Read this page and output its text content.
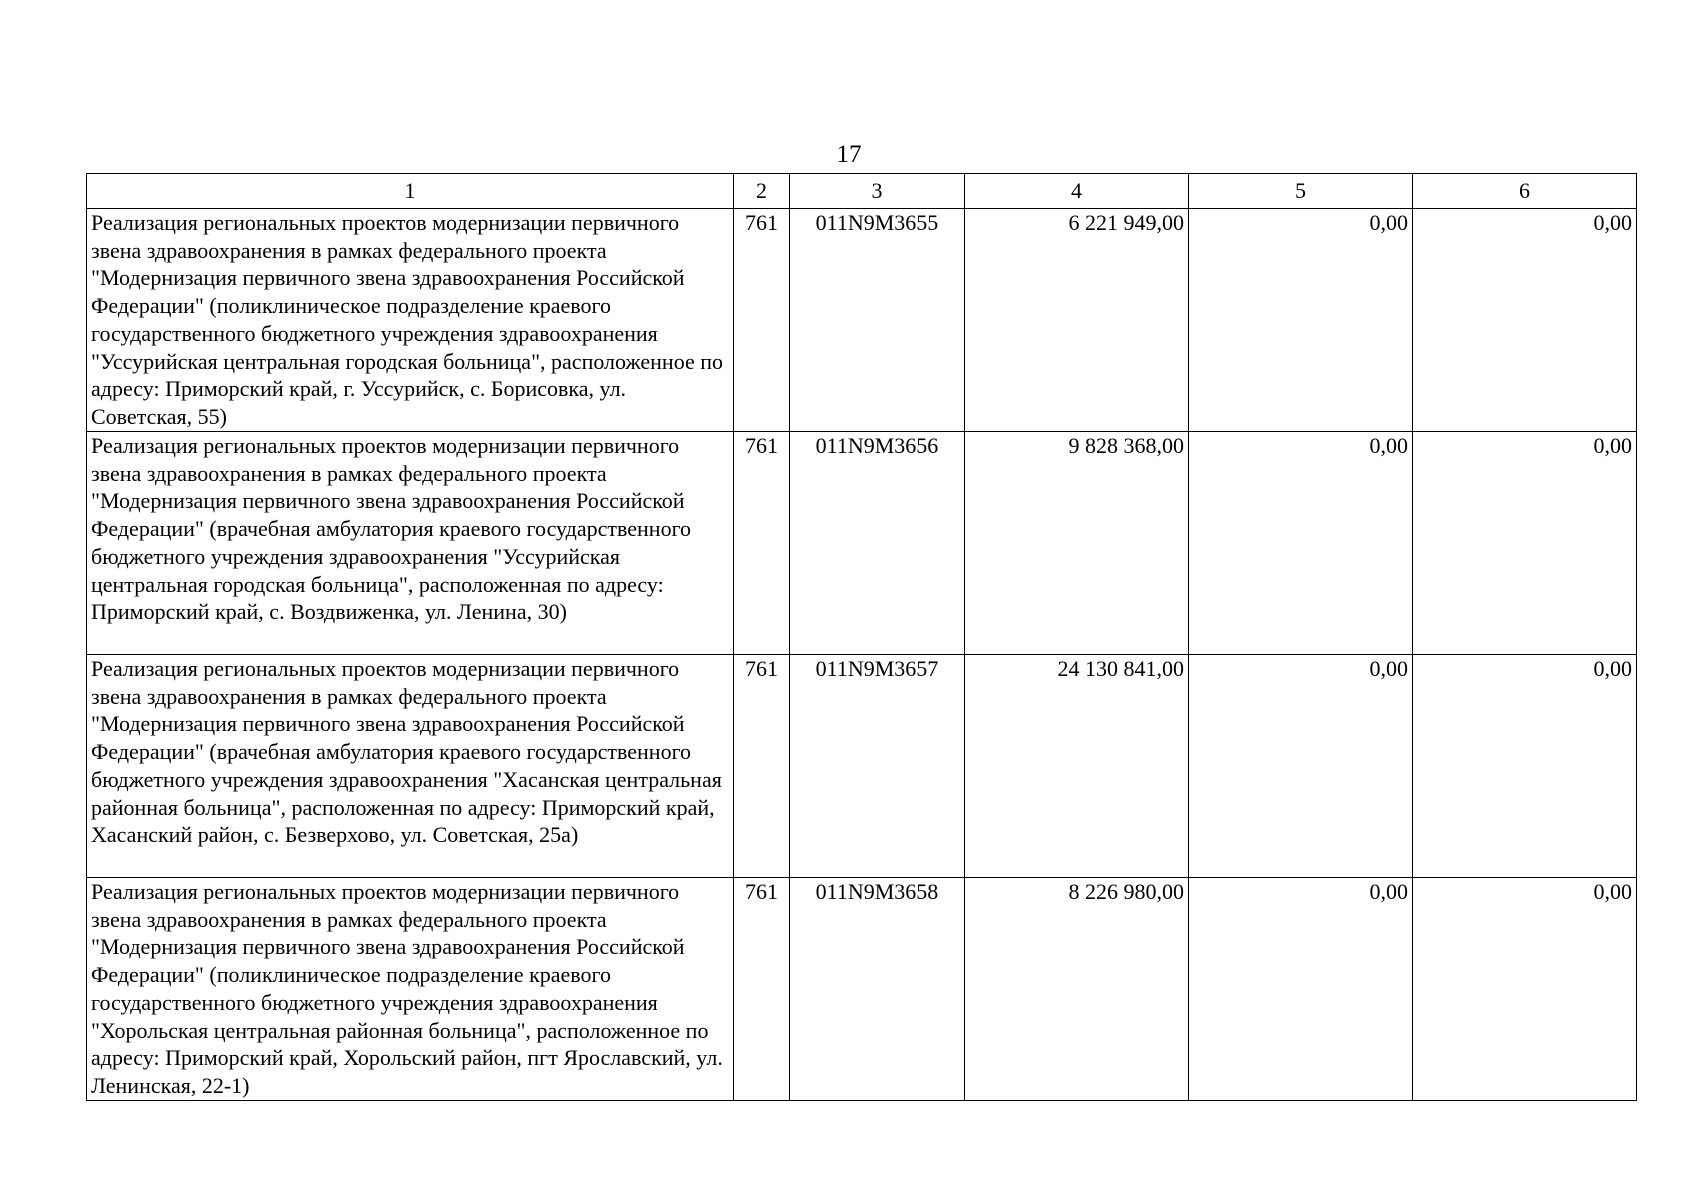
17
1	2	3	4	5	6
Реализация региональных проектов модернизации первичного звена здравоохранения в рамках федерального проекта "Модернизация первичного звена здравоохранения Российской Федерации" (поликлиническое подразделение краевого государственного бюджетного учреждения здравоохранения "Уссурийская центральная городская больница", расположенное по адресу: Приморский край, г. Уссурийск, с. Борисовка, ул. Советская, 55)	761	011N9M3655	6 221 949,00	0,00	0,00
Реализация региональных проектов модернизации первичного звена здравоохранения в рамках федерального проекта "Модернизация первичного звена здравоохранения Российской Федерации" (врачебная амбулатория краевого государственного бюджетного учреждения здравоохранения "Уссурийская центральная городская больница", расположенная по адресу: Приморский край, с. Воздвиженка, ул. Ленина, 30)	761	011N9M3656	9 828 368,00	0,00	0,00
Реализация региональных проектов модернизации первичного звена здравоохранения в рамках федерального проекта "Модернизация первичного звена здравоохранения Российской Федерации" (врачебная амбулатория краевого государственного бюджетного учреждения здравоохранения "Хасанская центральная районная больница", расположенная по адресу: Приморский край, Хасанский район, с. Безверхово, ул. Советская, 25а)	761	011N9M3657	24 130 841,00	0,00	0,00
Реализация региональных проектов модернизации первичного звена здравоохранения в рамках федерального проекта "Модернизация первичного звена здравоохранения Российской Федерации" (поликлиническое подразделение краевого государственного бюджетного учреждения здравоохранения "Хорольская центральная районная больница", расположенное по адресу: Приморский край, Хорольский район, пгт Ярославский, ул. Ленинская, 22-1)	761	011N9M3658	8 226 980,00	0,00	0,00
